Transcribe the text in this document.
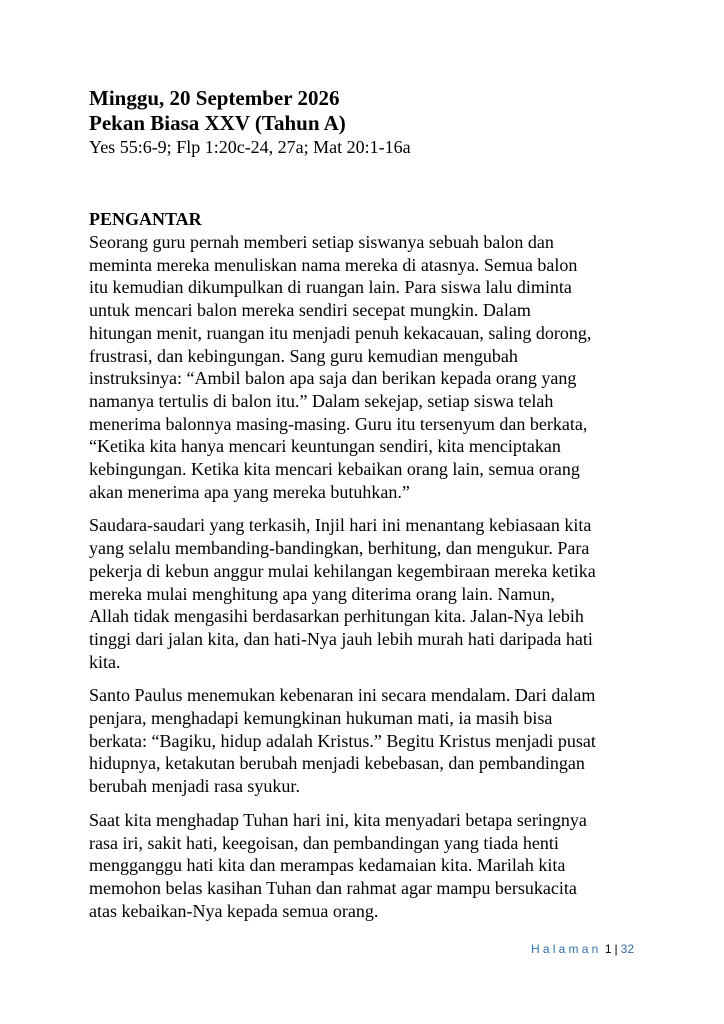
Minggu, 20 September 2026

Pekan Biasa XXV (Tahun A)

Yes 55:6-9; Flp 1:20c-24, 27a; Mat 20:1-16a

PENGANTAR

Seorang guru pernah memberi setiap siswanya sebuah balon dan
meminta mereka menuliskan nama mereka di atasnya. Semua balon
itu kemudian dikumpulkan di ruangan lain. Para siswa lalu diminta
untuk mencari balon mereka sendiri secepat mungkin. Dalam
hitungan menit, ruangan itu menjadi penuh kekacauan, saling dorong,
frustrasi, dan kebingungan. Sang guru kemudian mengubah
instruksinya: “Ambil balon apa saja dan berikan kepada orang yang
namanya tertulis di balon itu.” Dalam sekejap, setiap siswa telah
menerima balonnya masing-masing. Guru itu tersenyum dan berkata,
“Ketika kita hanya mencari keuntungan sendiri, kita menciptakan
kebingungan. Ketika kita mencari kebaikan orang lain, semua orang
akan menerima apa yang mereka butuhkan.”
Saudara-saudari yang terkasih, Injil hari ini menantang kebiasaan kita
yang selalu membanding-bandingkan, berhitung, dan mengukur. Para
pekerja di kebun anggur mulai kehilangan kegembiraan mereka ketika
mereka mulai menghitung apa yang diterima orang lain. Namun,
Allah tidak mengasihi berdasarkan perhitungan kita. Jalan-Nya lebih
tinggi dari jalan kita, dan hati-Nya jauh lebih murah hati daripada hati
kita.
Santo Paulus menemukan kebenaran ini secara mendalam. Dari dalam
penjara, menghadapi kemungkinan hukuman mati, ia masih bisa
berkata: “Bagiku, hidup adalah Kristus.” Begitu Kristus menjadi pusat
hidupnya, ketakutan berubah menjadi kebebasan, dan pembandingan
berubah menjadi rasa syukur.
Saat kita menghadap Tuhan hari ini, kita menyadari betapa seringnya
rasa iri, sakit hati, keegoisan, dan pembandingan yang tiada henti
mengganggu hati kita dan merampas kedamaian kita. Marilah kita
memohon belas kasihan Tuhan dan rahmat agar mampu bersukacita
atas kebaikan-Nya kepada semua orang.
Halaman 1 | 32
